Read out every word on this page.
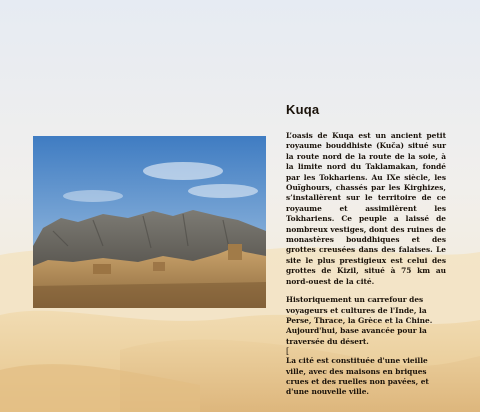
Kuqa

L’oasis de Kuqa est un ancient petit royaume bouddhiste (Kuča) situé sur la route nord de la route de la soie, à la limite nord du Taklamakan, fondé par les Tokhariens. Au IXe siècle, les Ouïghours, chassés par les Kirghizes, s’installèrent sur le territoire de ce royaume et assimilèrent les Tokhariens. Ce peuple a laissé de nombreux vestiges, dont des ruines de monastères bouddhiques et des grottes creusées dans des falaises. Le site le plus prestigieux est celui des grottes de Kizil, situé à 75 km au nord-ouest de la cité.

Historiquement un carrefour des voyageurs et cultures de l'Inde, la Perse, Thrace, la Grèce et la Chine. Aujourd'hui, base avancée pour la traversée du désert.

[

La cité est constituée d'une vieille ville, avec des maisons en briques crues et des ruelles non pavées, et d'une nouvelle ville.
